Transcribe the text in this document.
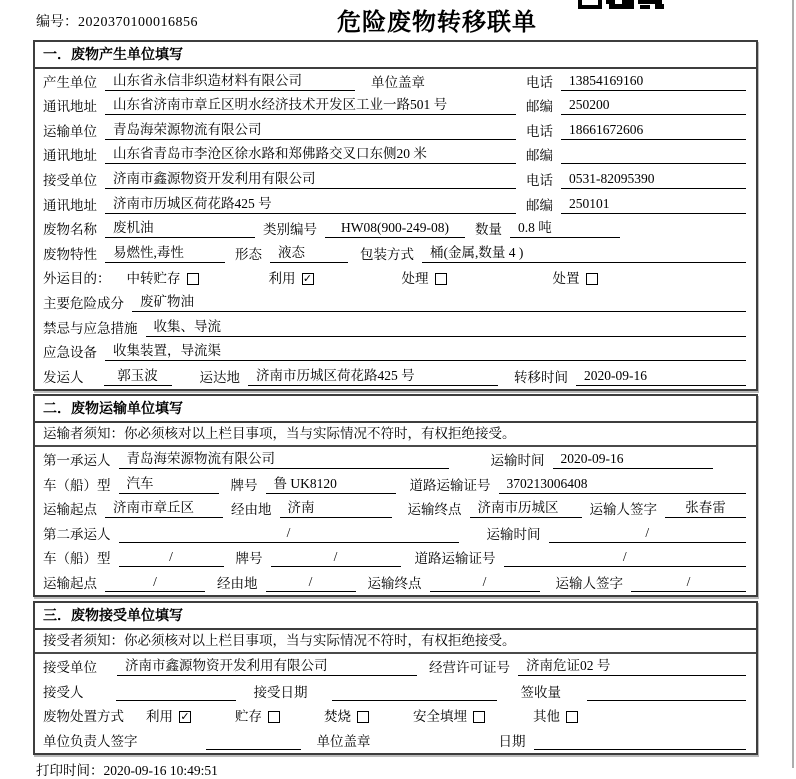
编号：2020370100016856	危险废物转移联单
一．废物产生单位填写
产生单位	山东省永信非织造材料有限公司	单位盖章	电话	13854169160
通讯地址	山东省济南市章丘区明水经济技术开发区工业一路501 号	邮编	250200
运输单位	青岛海荣源物流有限公司	电话	18661672606
通讯地址	山东省青岛市李沧区徐水路和郑佛路交叉口东侧20 米	邮编
接受单位	济南市鑫源物资开发利用有限公司	电话	0531-82095390
通讯地址	济南市历城区荷花路425 号	邮编	250101
废物名称	废机油	类别编号	HW08(900-249-08)	数量	0.8 吨
废物特性	易燃性,毒性	形态	液态	包装方式	桶(金属,数量 4 )
外运目的：	中转贮存	利用 ✓	处理	处置
主要危险成分	废矿物油
禁忌与应急措施	收集、导流
应急设备	收集装置，导流渠
发运人	郭玉波	运达地	济南市历城区荷花路425 号	转移时间	2020-09-16
二．废物运输单位填写
运输者须知：你必须核对以上栏目事项，当与实际情况不符时，有权拒绝接受。
第一承运人	青岛海荣源物流有限公司	运输时间	2020-09-16
车（船）型	汽车	牌号	鲁 UK8120	道路运输证号	370213006408
运输起点	济南市章丘区	经由地	济南	运输终点	济南市历城区	运输人签字	张春雷
第二承运人	/	运输时间	/
车（船）型	/	牌号	/	道路运输证号	/
运输起点	/	经由地	/	运输终点	/	运输人签字	/
三．废物接受单位填写
接受者须知：你必须核对以上栏目事项，当与实际情况不符时，有权拒绝接受。
接受单位	济南市鑫源物资开发利用有限公司	经营许可证号	济南危证02 号
接受人	接受日期	签收量
废物处置方式	利用 ✓	贮存	焚烧	安全填埋	其他
单位负责人签字	单位盖章	日期
打印时间：2020-09-16 10:49:51
